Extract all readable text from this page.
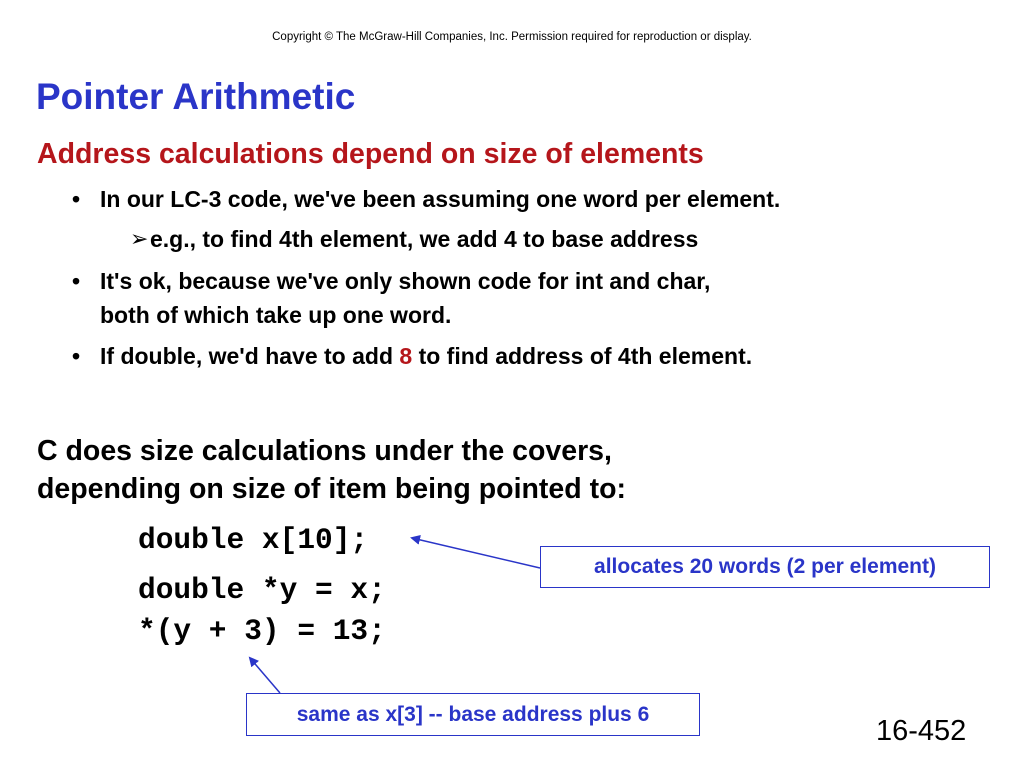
Copyright © The McGraw-Hill Companies, Inc. Permission required for reproduction or display.
Pointer Arithmetic
Address calculations depend on size of elements
• In our LC-3 code, we've been assuming one word per element.
➢ e.g., to find 4th element, we add 4 to base address
• It's ok, because we've only shown code for int and char,
both of which take up one word.
• If double, we'd have to add 8 to find address of 4th element.
C does size calculations under the covers,
depending on size of item being pointed to:
double x[10];
double *y = x;
*(y + 3) = 13;
allocates 20 words (2 per element)
same as x[3] -- base address plus 6
16-452
